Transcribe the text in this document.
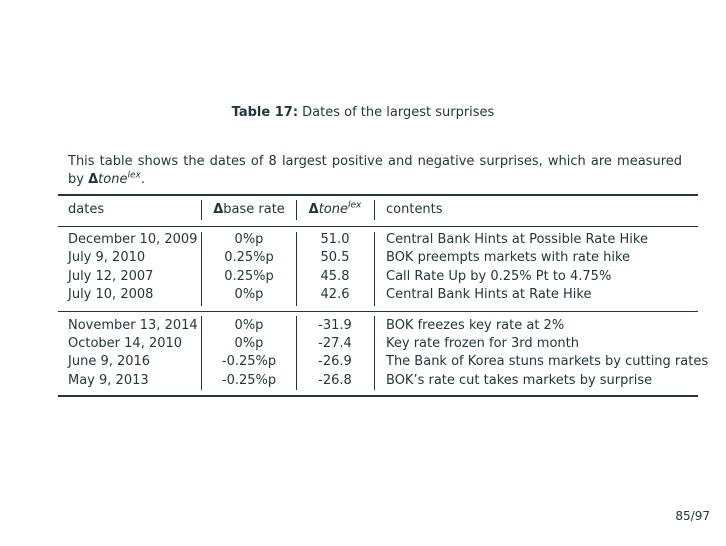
Table 17: Dates of the largest surprises
This table shows the dates of 8 largest positive and negative surprises, which are measured by Δtone$^{lex}$.
dates	Δbase rate	Δtone$^{lex}$	contents
December 10, 2009	0%p	51.0	Central Bank Hints at Possible Rate Hike
July 9, 2010	0.25%p	50.5	BOK preempts markets with rate hike
July 12, 2007	0.25%p	45.8	Call Rate Up by 0.25% Pt to 4.75%
July 10, 2008	0%p	42.6	Central Bank Hints at Rate Hike
November 13, 2014	0%p	-31.9	BOK freezes key rate at 2%
October 14, 2010	0%p	-27.4	Key rate frozen for 3rd month
June 9, 2016	-0.25%p	-26.9	The Bank of Korea stuns markets by cutting rates
May 9, 2013	-0.25%p	-26.8	BOK’s rate cut takes markets by surprise
85/97
